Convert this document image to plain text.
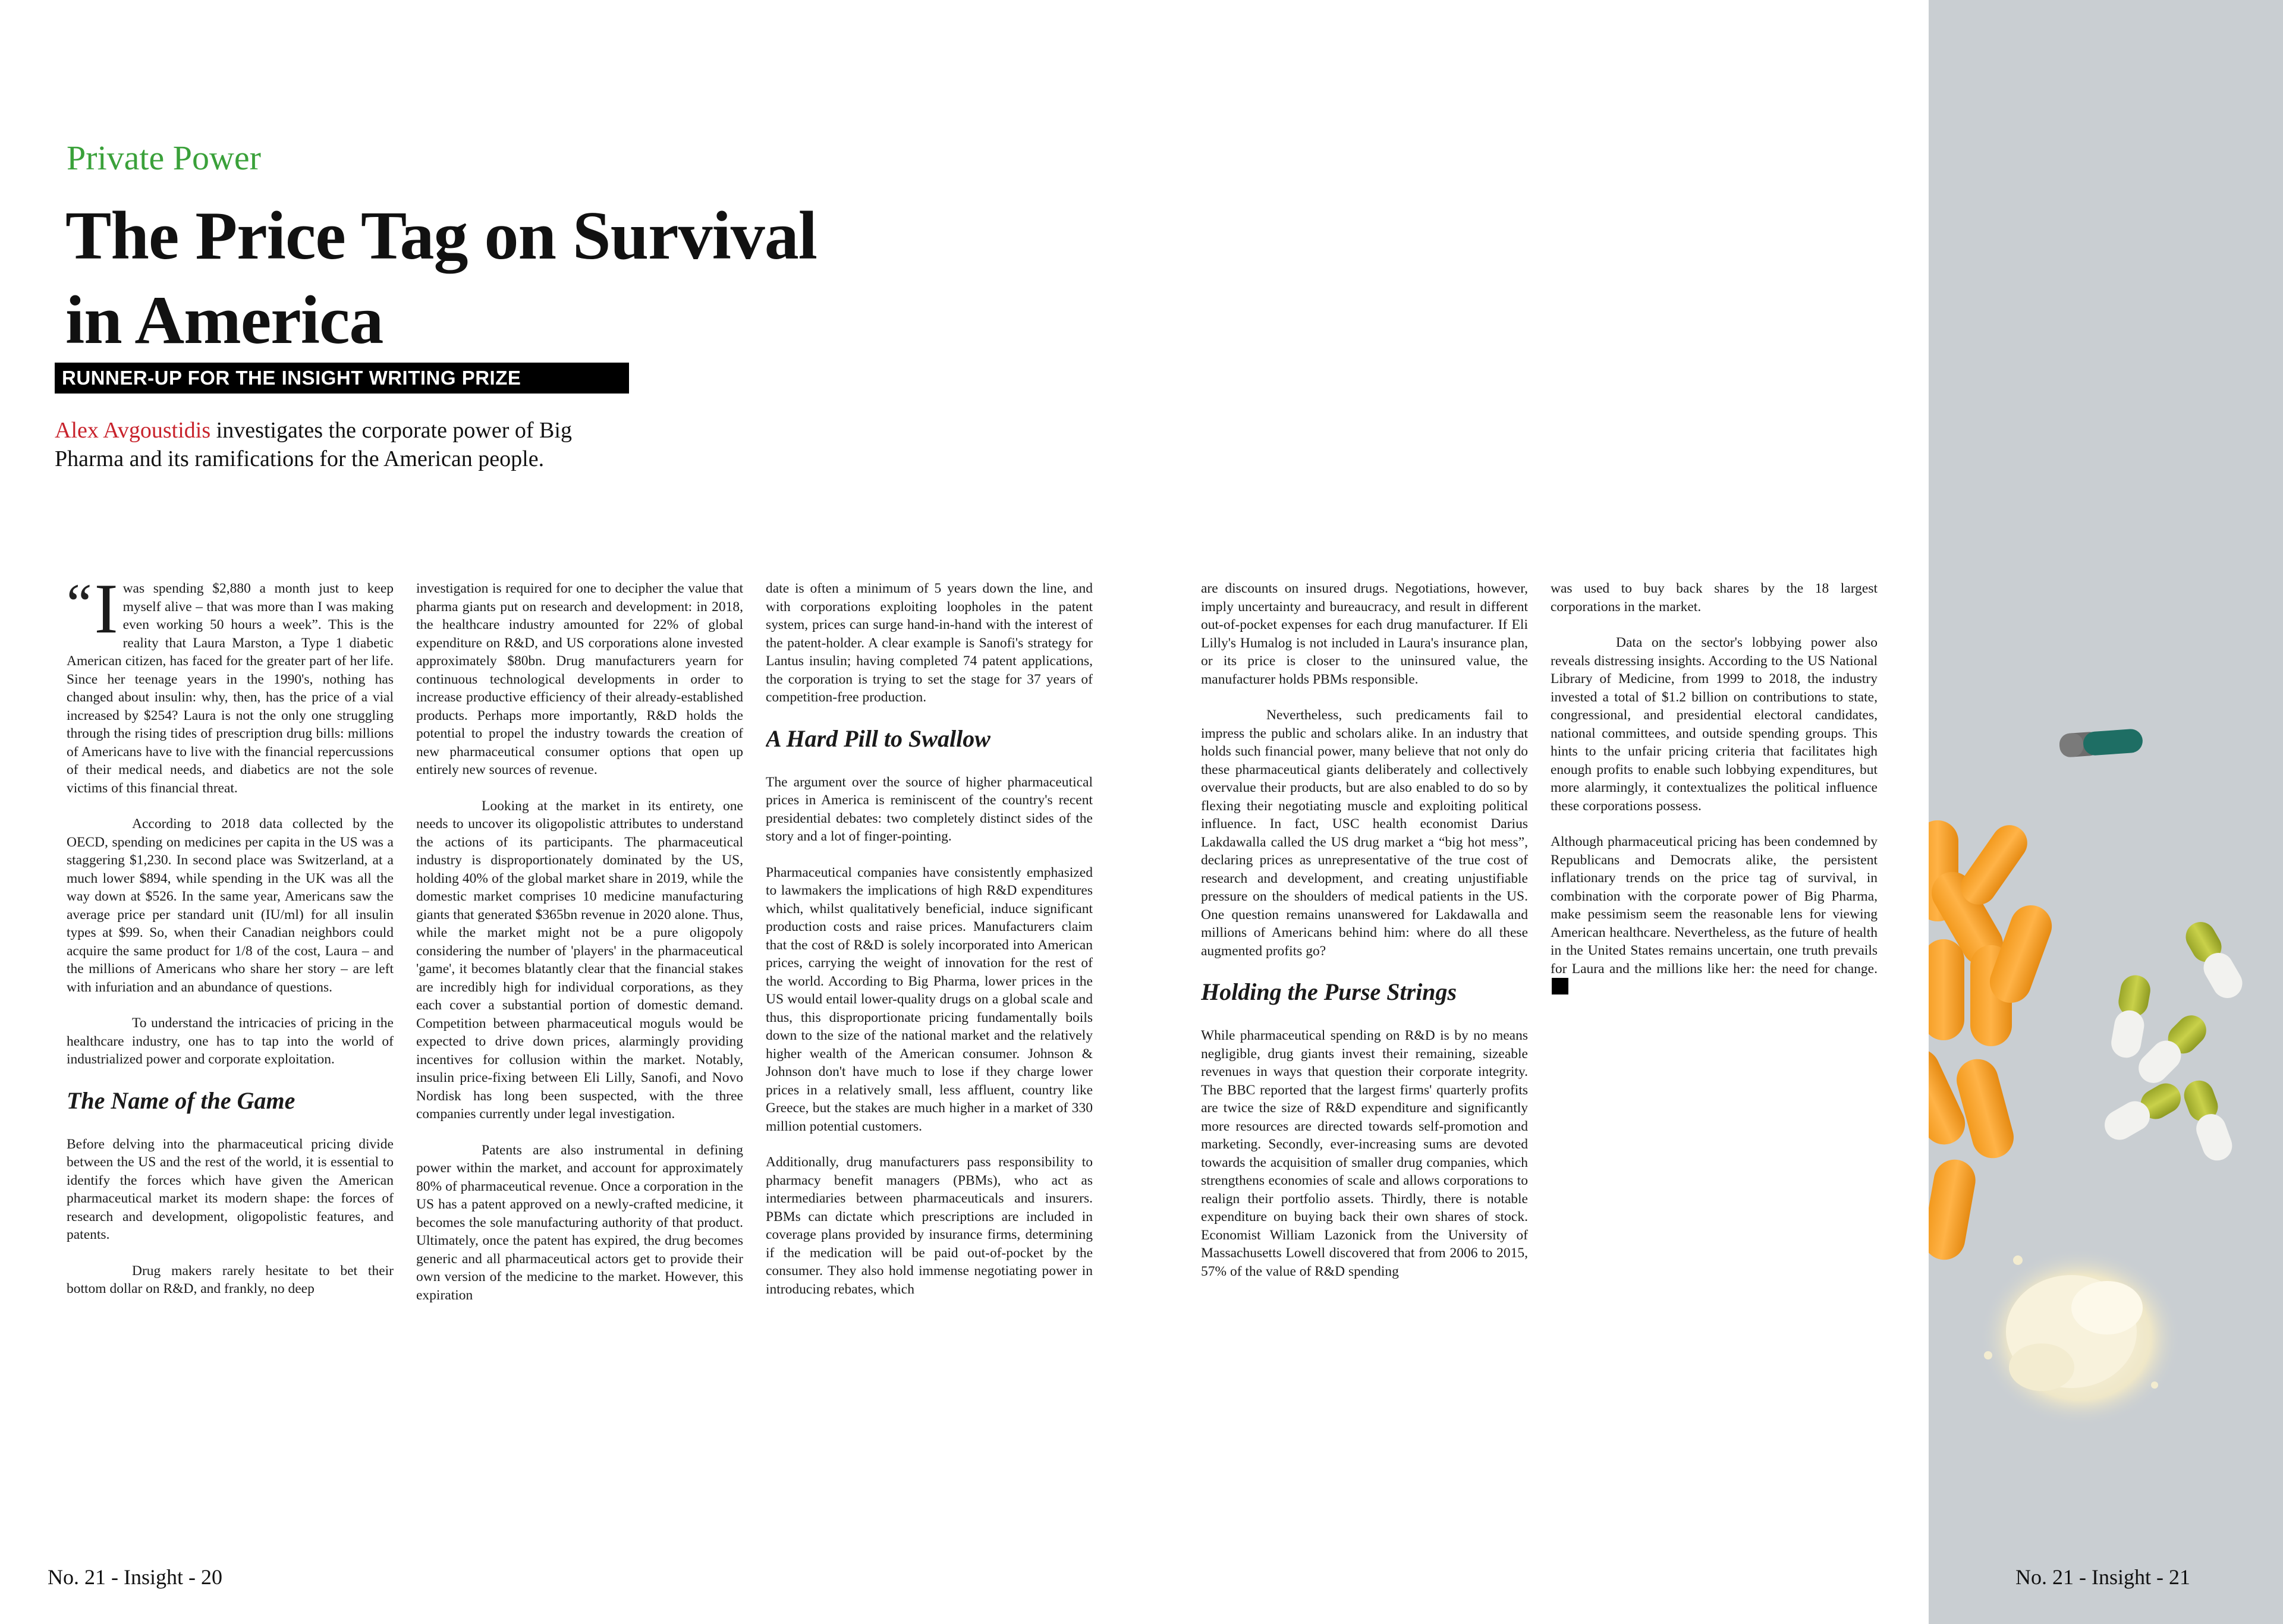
Private Power
The Price Tag on Survival
in America
RUNNER-UP FOR THE INSIGHT WRITING PRIZE
Alex Avgoustidis investigates the corporate power of Big Pharma and its ramifications for the American people.

“ I was spending $2,880 a month just to keep myself alive – that was more than I was making even working 50 hours a week”. This is the reality that Laura Marston, a Type 1 diabetic American citizen, has faced for the greater part of her life. Since her teenage years in the 1990's, nothing has changed about insulin: why, then, has the price of a vial increased by $254? Laura is not the only one struggling through the rising tides of prescription drug bills: millions of Americans have to live with the financial repercussions of their medical needs, and diabetics are not the sole victims of this financial threat.

According to 2018 data collected by the OECD, spending on medicines per capita in the US was a staggering $1,230. In second place was Switzerland, at a much lower $894, while spending in the UK was all the way down at $526. In the same year, Americans saw the average price per standard unit (IU/ml) for all insulin types at $99. So, when their Canadian neighbors could acquire the same product for 1/8 of the cost, Laura – and the millions of Americans who share her story – are left with infuriation and an abundance of questions.

To understand the intricacies of pricing in the healthcare industry, one has to tap into the world of industrialized power and corporate exploitation.

The Name of the Game

Before delving into the pharmaceutical pricing divide between the US and the rest of the world, it is essential to identify the forces which have given the American pharmaceutical market its modern shape: the forces of research and development, oligopolistic features, and patents.

Drug makers rarely hesitate to bet their bottom dollar on R&D, and frankly, no deep

investigation is required for one to decipher the value that pharma giants put on research and development: in 2018, the healthcare industry amounted for 22% of global expenditure on R&D, and US corporations alone invested approximately $80bn. Drug manufacturers yearn for continuous technological developments in order to increase productive efficiency of their already-established products. Perhaps more importantly, R&D holds the potential to propel the industry towards the creation of new pharmaceutical consumer options that open up entirely new sources of revenue.

Looking at the market in its entirety, one needs to uncover its oligopolistic attributes to understand the actions of its participants. The pharmaceutical industry is disproportionately dominated by the US, holding 40% of the global market share in 2019, while the domestic market comprises 10 medicine manufacturing giants that generated $365bn revenue in 2020 alone. Thus, while the market might not be a pure oligopoly considering the number of 'players' in the pharmaceutical 'game', it becomes blatantly clear that the financial stakes are incredibly high for individual corporations, as they each cover a substantial portion of domestic demand. Competition between pharmaceutical moguls would be expected to drive down prices, alarmingly providing incentives for collusion within the market. Notably, insulin price-fixing between Eli Lilly, Sanofi, and Novo Nordisk has long been suspected, with the three companies currently under legal investigation.

Patents are also instrumental in defining power within the market, and account for approximately 80% of pharmaceutical revenue. Once a corporation in the US has a patent approved on a newly-crafted medicine, it becomes the sole manufacturing authority of that product. Ultimately, once the patent has expired, the drug becomes generic and all pharmaceutical actors get to provide their own version of the medicine to the market. However, this expiration

date is often a minimum of 5 years down the line, and with corporations exploiting loopholes in the patent system, prices can surge hand-in-hand with the interest of the patent-holder. A clear example is Sanofi's strategy for Lantus insulin; having completed 74 patent applications, the corporation is trying to set the stage for 37 years of competition-free production.

A Hard Pill to Swallow

The argument over the source of higher pharmaceutical prices in America is reminiscent of the country's recent presidential debates: two completely distinct sides of the story and a lot of finger-pointing.

Pharmaceutical companies have consistently emphasized to lawmakers the implications of high R&D expenditures which, whilst qualitatively beneficial, induce significant production costs and raise prices. Manufacturers claim that the cost of R&D is solely incorporated into American prices, carrying the weight of innovation for the rest of the world. According to Big Pharma, lower prices in the US would entail lower-quality drugs on a global scale and thus, this disproportionate pricing fundamentally boils down to the size of the national market and the relatively higher wealth of the American consumer. Johnson & Johnson don't have much to lose if they charge lower prices in a relatively small, less affluent, country like Greece, but the stakes are much higher in a market of 330 million potential customers.

Additionally, drug manufacturers pass responsibility to pharmacy benefit managers (PBMs), who act as intermediaries between pharmaceuticals and insurers. PBMs can dictate which prescriptions are included in coverage plans provided by insurance firms, determining if the medication will be paid out-of-pocket by the consumer. They also hold immense negotiating power in introducing rebates, which

are discounts on insured drugs. Negotiations, however, imply uncertainty and bureaucracy, and result in different out-of-pocket expenses for each drug manufacturer. If Eli Lilly's Humalog is not included in Laura's insurance plan, or its price is closer to the uninsured value, the manufacturer holds PBMs responsible.

Nevertheless, such predicaments fail to impress the public and scholars alike. In an industry that holds such financial power, many believe that not only do these pharmaceutical giants deliberately and collectively overvalue their products, but are also enabled to do so by flexing their negotiating muscle and exploiting political influence. In fact, USC health economist Darius Lakdawalla called the US drug market a “big hot mess”, declaring prices as unrepresentative of the true cost of research and development, and creating unjustifiable pressure on the shoulders of medical patients in the US. One question remains unanswered for Lakdawalla and millions of Americans behind him: where do all these augmented profits go?

Holding the Purse Strings

While pharmaceutical spending on R&D is by no means negligible, drug giants invest their remaining, sizeable revenues in ways that question their corporate integrity. The BBC reported that the largest firms' quarterly profits are twice the size of R&D expenditure and significantly more resources are directed towards self-promotion and marketing. Secondly, ever-increasing sums are devoted towards the acquisition of smaller drug companies, which strengthens economies of scale and allows corporations to realign their portfolio assets. Thirdly, there is notable expenditure on buying back their own shares of stock. Economist William Lazonick from the University of Massachusetts Lowell discovered that from 2006 to 2015, 57% of the value of R&D spending

was used to buy back shares by the 18 largest corporations in the market.

Data on the sector's lobbying power also reveals distressing insights. According to the US National Library of Medicine, from 1999 to 2018, the industry invested a total of $1.2 billion on contributions to state, congressional, and presidential electoral candidates, national committees, and outside spending groups. This hints to the unfair pricing criteria that facilitates high enough profits to enable such lobbying expenditures, but more alarmingly, it contextualizes the political influence these corporations possess.

Although pharmaceutical pricing has been condemned by Republicans and Democrats alike, the persistent inflationary trends on the price tag of survival, in combination with the corporate power of Big Pharma, make pessimism seem the reasonable lens for viewing American healthcare. Nevertheless, as the future of health in the United States remains uncertain, one truth prevails for Laura and the millions like her: the need for change.

No. 21 - Insight - 20	No. 21 - Insight - 21
